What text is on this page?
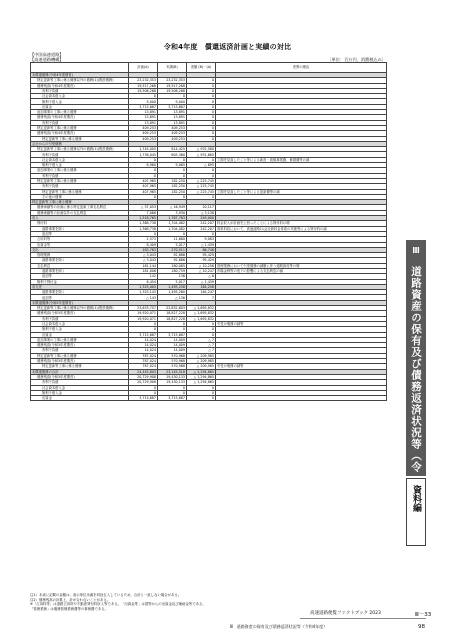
令和4年度　償還返済計画と実績の対比
【中国高速道路】
【高速道路機構】	［単位：百万円、消費税込み］
	計画(A)	実績(B)	差額 (B)－(A)	差異の理由
未償還債務(令和4年度期首)				
特定更新等工事に係る債務以外の債務(1)(既設債務)	23,232,353	23,232,353	0	
債務残高(令和4年度期首)	19,517,268	19,517,268	0	
有利子負債	19,506,268	19,506,268	0	
社会資本借入金	0	0	0	
無利子借入金	9,000	9,000	0	
出資金	3,715,687	3,715,687	0	
追加事業の工事に係る債務	13,891	13,891	0	
債務残高(令和4年度期首)	13,891	13,891	0	
有利子負債	13,891	13,891	0	
特定更新等工事に係る債務	409,253	409,253	0	
債務残高(令和4年度期首)	409,253	409,253	0	
特定更新等工事に係る債務	409,253	409,253	0	
会社からの引受債務				
特定更新等工事に係る債務以外の債務(1)(既設債務)	1,745,005	814,425	△ 932,580	
有利子負債	1,736,045	805,360	△ 931,685	
社会資本借入金	0	0	0	工期を見直したこと等による新設・改築事業費、修繕費等の減
無利子借入金	8,960	9,065	△ 895	
追加事業の工事に係る債務	0	0	0	
有利子負債	0	0	0	
特定更新等工事に係る債務	407,965	182,250	△ 225,745	
有利子負債	407,965	182,250	△ 225,745	
特定更新等工事に係る債務	407,965	182,250	△ 225,745	工期を見直したこと等による更新費等の減
その他の債務	0	0	0	
特定更新等工事に係る債務				
債務承継等の計画に係る特定更新工事支払利息	△ 37,053	△ 16,949	20,117	
債務承継等の計画以外の支払利息	7,068	3,930	△ 3,138	
収入	1,518,765	1,767,763	249,000	
貸付料	1,368,738	1,704,082	242,207	料金収入が計画を上回ったことによる貸付料の増
道路事業を除く	1,368,738	1,704,082	242,207	高料料収において、高速道路11会社新料金体系の実施等による貸付料の減
追加等	0	0	0	
占用料等	2,573	11,660	9,083	
出資金等	8,409	5,017	△ 1,439	
支出	183,783	270,511	86,748	
管理業務	△ 3,043	92,686	95,429	
道路事業を除く	△ 3,043	92,686	95,429	
支払利息	181,144	180,085	△ 10,256	管理業務において引受債務の減額に伴う道路資産等の増
道路事業を除く	181,006	180,759	△ 10,247	市場金利等の低下の影響による支払利息の減
追加等	142	136	△ 6	
無利子貸付金	6,454	5,017	△ 1,439	
収支差	1,325,005	1,495,258	164,258	
道路事業を除く	1,325,143	1,495,260	164,247	
追加等	△ 143	△ 136	7	
未償還債務(令和5年度期首)				
特定更新等工事に係る債務以外の債務(1)(既設債務)	23,633,757	22,832,603	△ 1,695,832	
債務残高(令和5年度期首)	19,920,071	18,827,228	△ 1,695,832	
有利子負債	19,920,071	18,827,228	△ 1,695,832	
社会資本借入金	0	0	0	引受け債務の減等
無利子借入金	0	0	0	
出資金	3,715,687	3,715,687	0	
追加事業の工事に係る債務	14,024	14,009	△ 7	
債務残高(令和5年度期首)	14,024	14,009	△ 7	
有利子負債	14,024	14,009	△ 7	
特定更新等工事に係る債務	787,024	570,968	△ 209,985	
債務残高(令和5年度期首)	787,024	570,968	△ 209,985	
特定更新等工事に係る債務	787,024	570,968	△ 209,985	引受け債務の減等
未償還債務の合計	24,445,803	23,145,518	△ 1,294,865	
債務残高(令和5年度期首)	20,729,908	19,430,133	△ 1,294,865	
有利子負債	20,729,908	19,430,133	△ 1,294,865	
社会資本借入金	0	0	0	
無利子借入金	0	0	0	
出資金	3,715,687	3,715,687	0	
注1）本表に記載の金額は、表示単位未満を四捨五入しているため、合計と一致しない場合がある。
注2）債務残高の計算上、計が合わないことがある。
※「占用料等」は道路占用料や不動産貸付料収入等である。「出資金等」は国等からの出資金及び補助金等である。
「管理業務」は債務管理業務費等の事務費である。
Ⅲ
道路資産の保有及び債務返済状況等（令和4年度）
資料編
高速道路便覧ファクトブック 2023	Ⅲ－33
Ⅲ　道路資産の保有及び債務返済状況等（令和4年度）	98
